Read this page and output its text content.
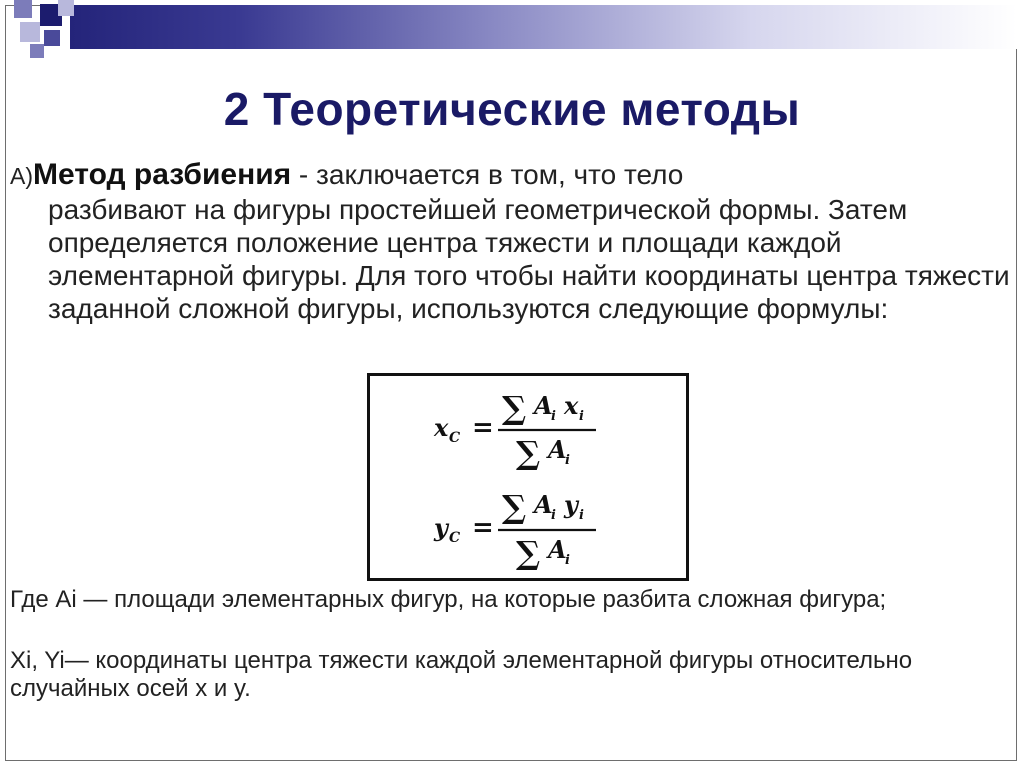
2 Теоретические методы
А)Метод разбиения - заключается в том, что тело
разбивают на фигуры простейшей геометрической формы. Затем определяется положение центра тяжести и площади каждой элементарной фигуры. Для того чтобы найти координаты центра тяжести заданной сложной фигуры, используются следующие формулы:
x C =
∑ A
i x i
∑ A
i
y C =
∑ A
i y i
∑ A
i
Где Ai — площади элементарных фигур, на которые разбита сложная фигура;
Xi, Yi— координаты центра тяжести каждой элементарной фигуры относительно случайных осей x и y.
